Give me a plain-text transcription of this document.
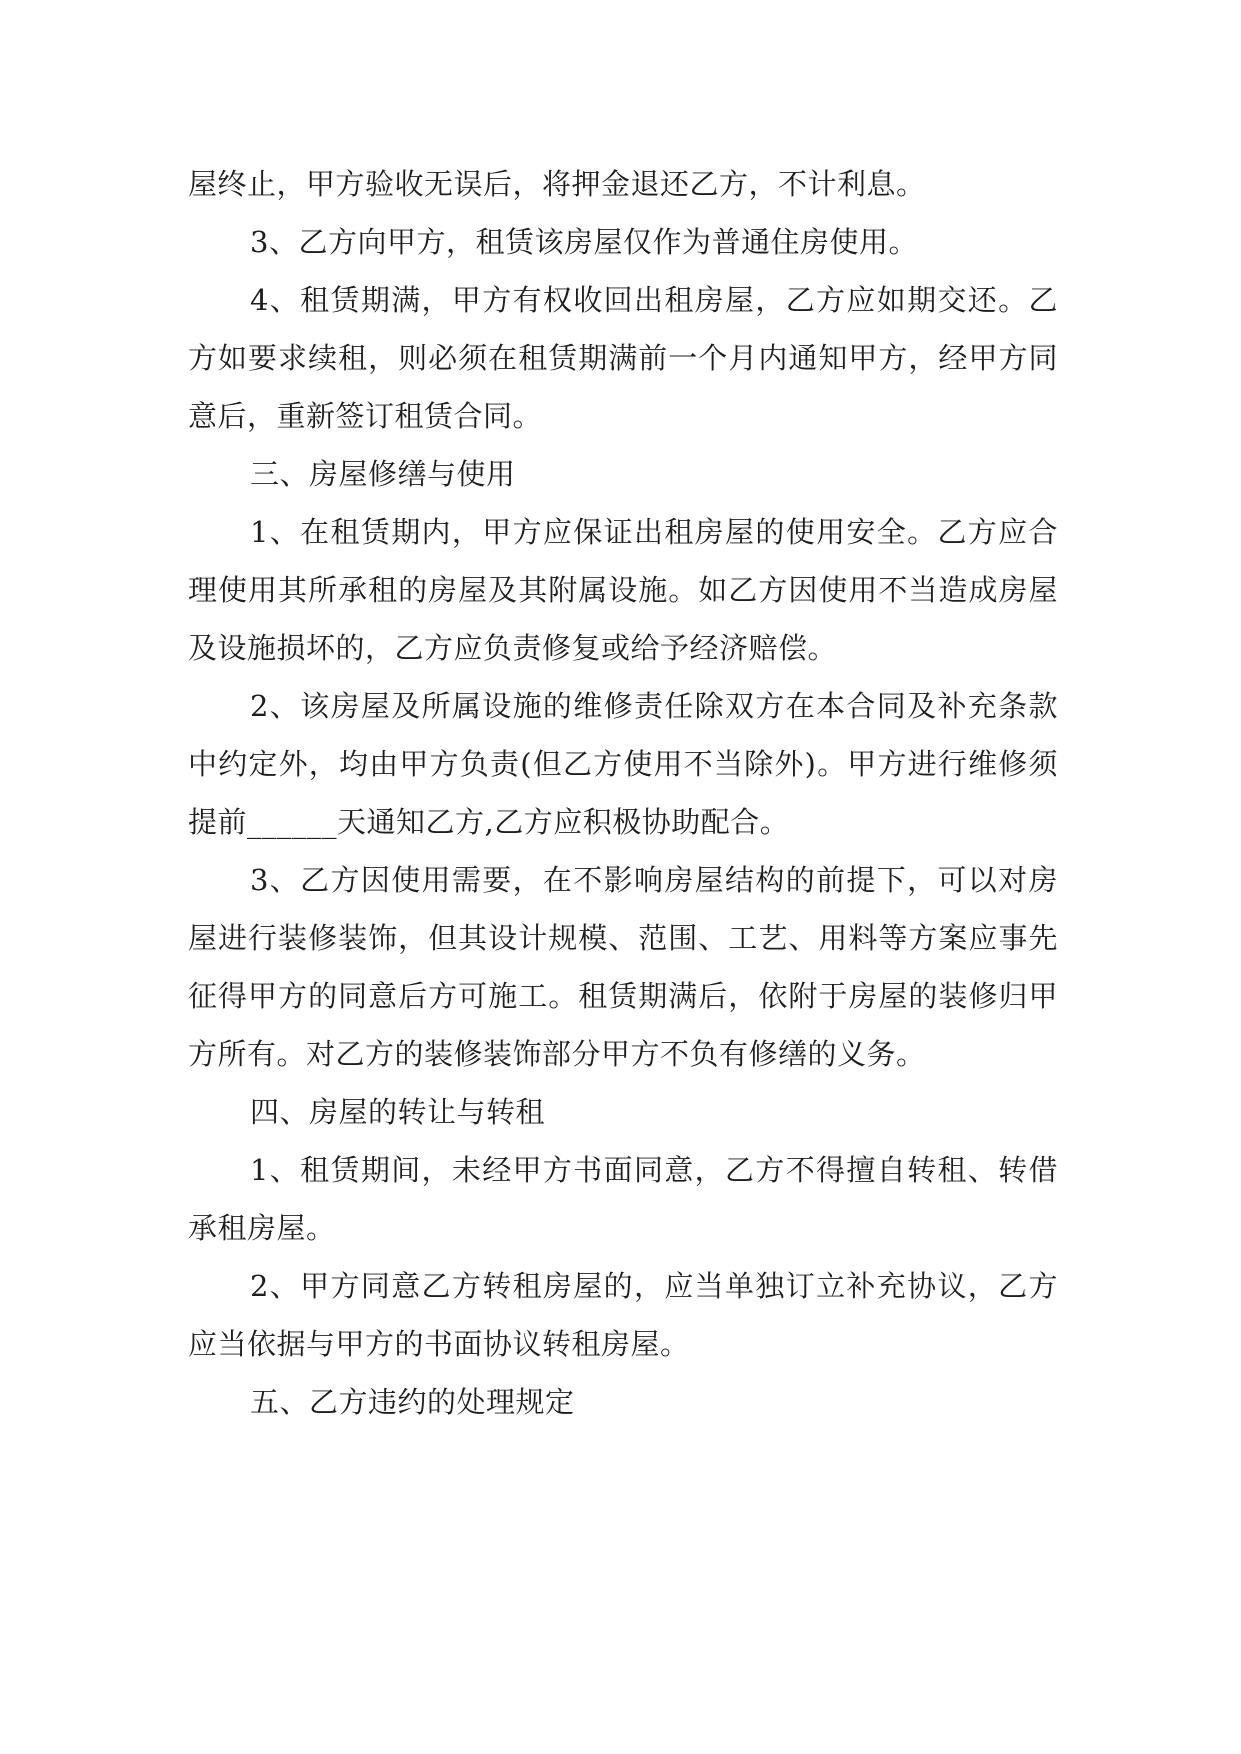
屋终止，甲方验收无误后，将押金退还乙方，不计利息。

3、乙方向甲方，租赁该房屋仅作为普通住房使用。

4、租赁期满，甲方有权收回出租房屋，乙方应如期交还。乙方如要求续租，则必须在租赁期满前一个月内通知甲方，经甲方同意后，重新签订租赁合同。

三、房屋修缮与使用

1、在租赁期内，甲方应保证出租房屋的使用安全。乙方应合理使用其所承租的房屋及其附属设施。如乙方因使用不当造成房屋及设施损坏的，乙方应负责修复或给予经济赔偿。

2、该房屋及所属设施的维修责任除双方在本合同及补充条款中约定外，均由甲方负责(但乙方使用不当除外)。甲方进行维修须提前______天通知乙方,乙方应积极协助配合。

3、乙方因使用需要，在不影响房屋结构的前提下，可以对房屋进行装修装饰，但其设计规模、范围、工艺、用料等方案应事先征得甲方的同意后方可施工。租赁期满后，依附于房屋的装修归甲方所有。对乙方的装修装饰部分甲方不负有修缮的义务。

四、房屋的转让与转租

1、租赁期间，未经甲方书面同意，乙方不得擅自转租、转借承租房屋。

2、甲方同意乙方转租房屋的，应当单独订立补充协议，乙方应当依据与甲方的书面协议转租房屋。

五、乙方违约的处理规定
